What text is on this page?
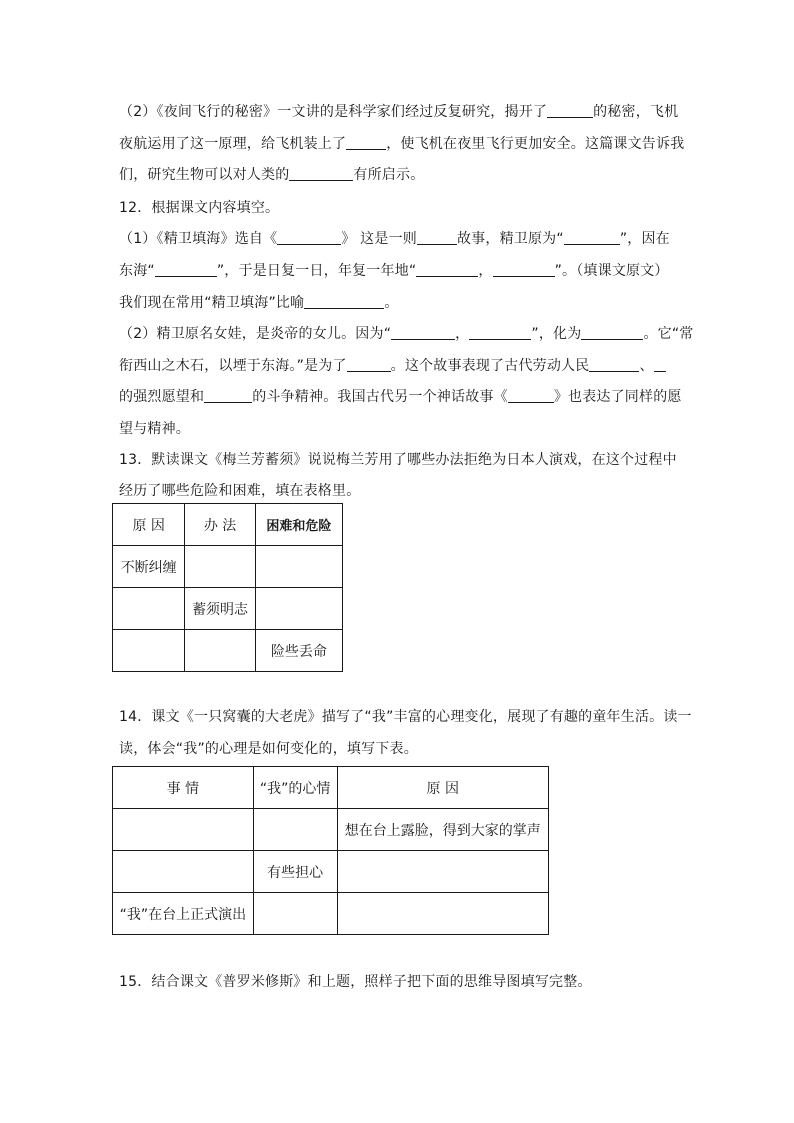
（2）《夜间飞行的秘密》一文讲的是科学家们经过反复研究，揭开了	的秘密，飞机
夜航运用了这一原理，给飞机装上了	，使飞机在夜里飞行更加安全。这篇课文告诉我
们，研究生物可以对人类的	有所启示。
12．根据课文内容填空。
（1）《精卫填海》选自《	》 这是一则	故事，精卫原为“	”，因在
东海“	”，于是日复一日，年复一年地“	，	”。（填课文原文）
我们现在常用“精卫填海”比喻	。
（2）精卫原名女娃，是炎帝的女儿。因为“	，	”，化为	。它“常
衔西山之木石，以堙于东海。”是为了	。这个故事表现了古代劳动人民	、
的强烈愿望和	的斗争精神。我国古代另一个神话故事《	》也表达了同样的愿
望与精神。
13．默读课文《梅兰芳蓄须》说说梅兰芳用了哪些办法拒绝为日本人演戏，在这个过程中
经历了哪些危险和困难，填在表格里。
原 因	办 法	困难和危险
不断纠缠		
	蓄须明志	
		险些丢命
14．课文《一只窝囊的大老虎》描写了“我”丰富的心理变化，展现了有趣的童年生活。读一
读，体会“我”的心理是如何变化的，填写下表。
事 情	“我”的心情	原 因
		想在台上露脸，得到大家的掌声
	有些担心	
“我”在台上正式演出		
15．结合课文《普罗米修斯》和上题，照样子把下面的思维导图填写完整。
